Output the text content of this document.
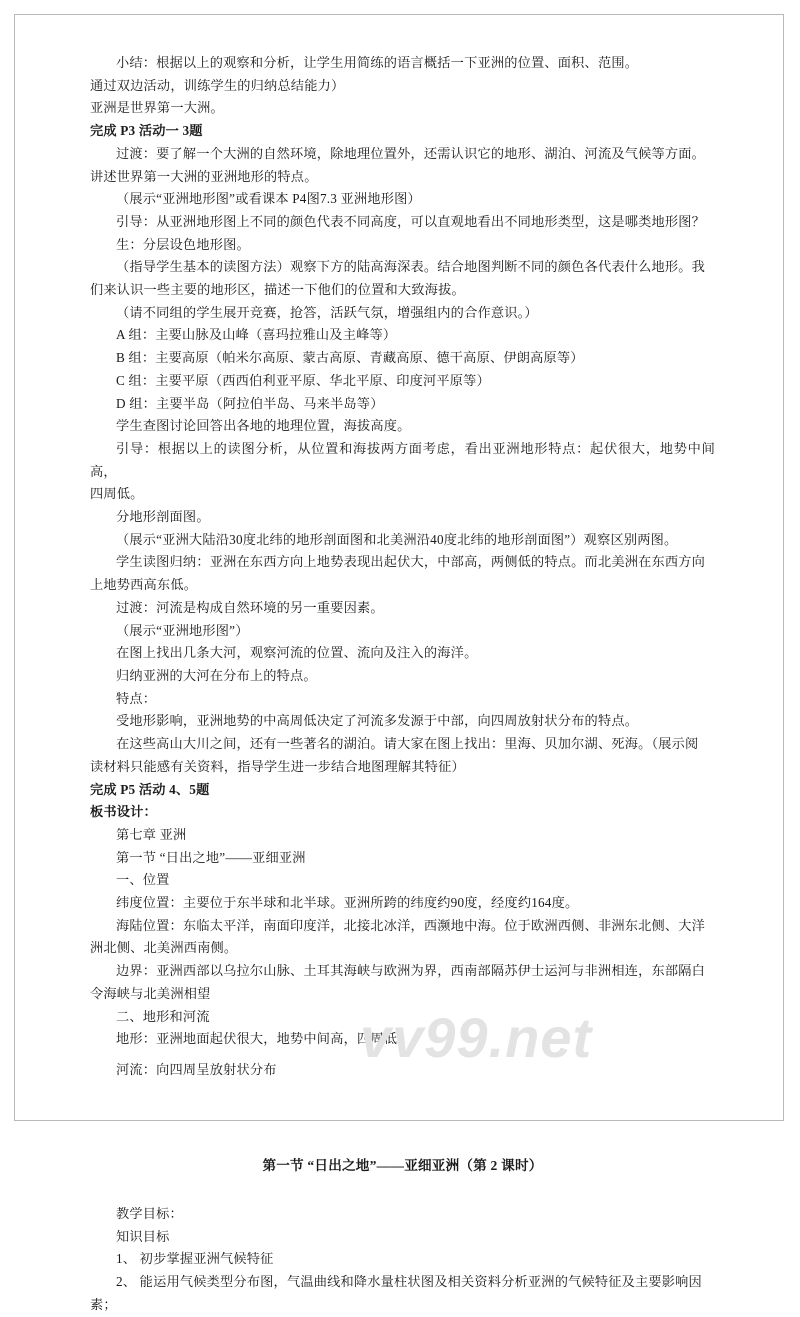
小结：根据以上的观察和分析，让学生用简练的语言概括一下亚洲的位置、面积、范围。

通过双边活动，训练学生的归纳总结能力）

亚洲是世界第一大洲。

完成 P3 活动一 3题

过渡：要了解一个大洲的自然环境，除地理位置外，还需认识它的地形、湖泊、河流及气候等方面。

讲述世界第一大洲的亚洲地形的特点。

（展示“亚洲地形图”或看课本 P4图7.3 亚洲地形图）

引导：从亚洲地形图上不同的颜色代表不同高度，可以直观地看出不同地形类型，这是哪类地形图？

生：分层设色地形图。

（指导学生基本的读图方法）观察下方的陆高海深表。结合地图判断不同的颜色各代表什么地形。我

们来认识一些主要的地形区，描述一下他们的位置和大致海拔。

（请不同组的学生展开竞赛，抢答，活跃气氛，增强组内的合作意识。）

A 组：主要山脉及山峰（喜玛拉雅山及主峰等）

B 组：主要高原（帕米尔高原、蒙古高原、青藏高原、德干高原、伊朗高原等）

C 组：主要平原（西西伯利亚平原、华北平原、印度河平原等）

D 组：主要半岛（阿拉伯半岛、马来半岛等）

学生查图讨论回答出各地的地理位置，海拔高度。

引导：根据以上的读图分析，从位置和海拔两方面考虑，看出亚洲地形特点：起伏很大，地势中间高，

四周低。

分地形剖面图。

（展示“亚洲大陆沿30度北纬的地形剖面图和北美洲沿40度北纬的地形剖面图”）观察区别两图。

学生读图归纳：亚洲在东西方向上地势表现出起伏大，中部高，两侧低的特点。而北美洲在东西方向

上地势西高东低。

过渡：河流是构成自然环境的另一重要因素。

（展示“亚洲地形图”）

在图上找出几条大河，观察河流的位置、流向及注入的海洋。

归纳亚洲的大河在分布上的特点。

特点：

受地形影响，亚洲地势的中高周低决定了河流多发源于中部，向四周放射状分布的特点。

在这些高山大川之间，还有一些著名的湖泊。请大家在图上找出：里海、贝加尔湖、死海。（展示阅

读材料只能感有关资料，指导学生进一步结合地图理解其特征）

完成 P5 活动 4、5题

板书设计：

第七章 亚洲

第一节 “日出之地”——亚细亚洲

一、位置

纬度位置：主要位于东半球和北半球。亚洲所跨的纬度约90度，经度约164度。

海陆位置：东临太平洋，南面印度洋，北接北冰洋，西濒地中海。位于欧洲西侧、非洲东北侧、大洋

洲北侧、北美洲西南侧。

边界：亚洲西部以乌拉尔山脉、土耳其海峡与欧洲为界，西南部隔苏伊士运河与非洲相连，东部隔白

令海峡与北美洲相望

二、地形和河流

地形：亚洲地面起伏很大，地势中间高，四周低。

河流：向四周呈放射状分布

第一节 “日出之地”——亚细亚洲（第 2 课时）

教学目标：

知识目标

1、 初步掌握亚洲气候特征

2、 能运用气候类型分布图，气温曲线和降水量柱状图及相关资料分析亚洲的气候特征及主要影响因

素；

vv99.net
